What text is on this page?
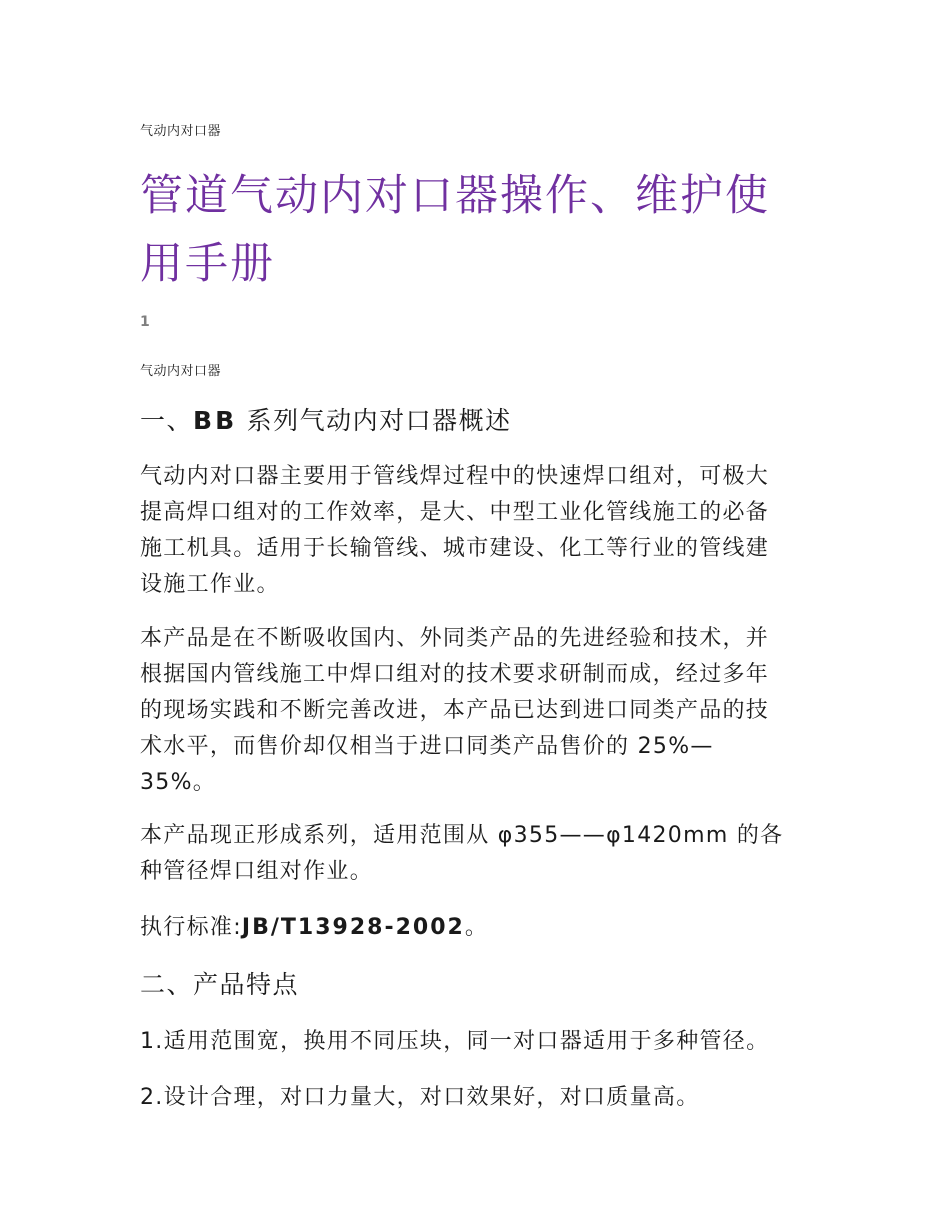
气动内对口器

管道气动内对口器操作、维护使
用手册

1

气动内对口器

一、BB 系列气动内对口器概述

气动内对口器主要用于管线焊过程中的快速焊口组对，可极大
提高焊口组对的工作效率，是大、中型工业化管线施工的必备
施工机具。适用于长输管线、城市建设、化工等行业的管线建
设施工作业。

本产品是在不断吸收国内、外同类产品的先进经验和技术，并
根据国内管线施工中焊口组对的技术要求研制而成，经过多年
的现场实践和不断完善改进，本产品已达到进口同类产品的技
术水平，而售价却仅相当于进口同类产品售价的 25%—
35%。

本产品现正形成系列，适用范围从 φ355——φ1420mm 的各
种管径焊口组对作业。

执行标准:JB/T13928-2002。

二、产品特点

1.适用范围宽，换用不同压块，同一对口器适用于多种管径。

2.设计合理，对口力量大，对口效果好，对口质量高。
